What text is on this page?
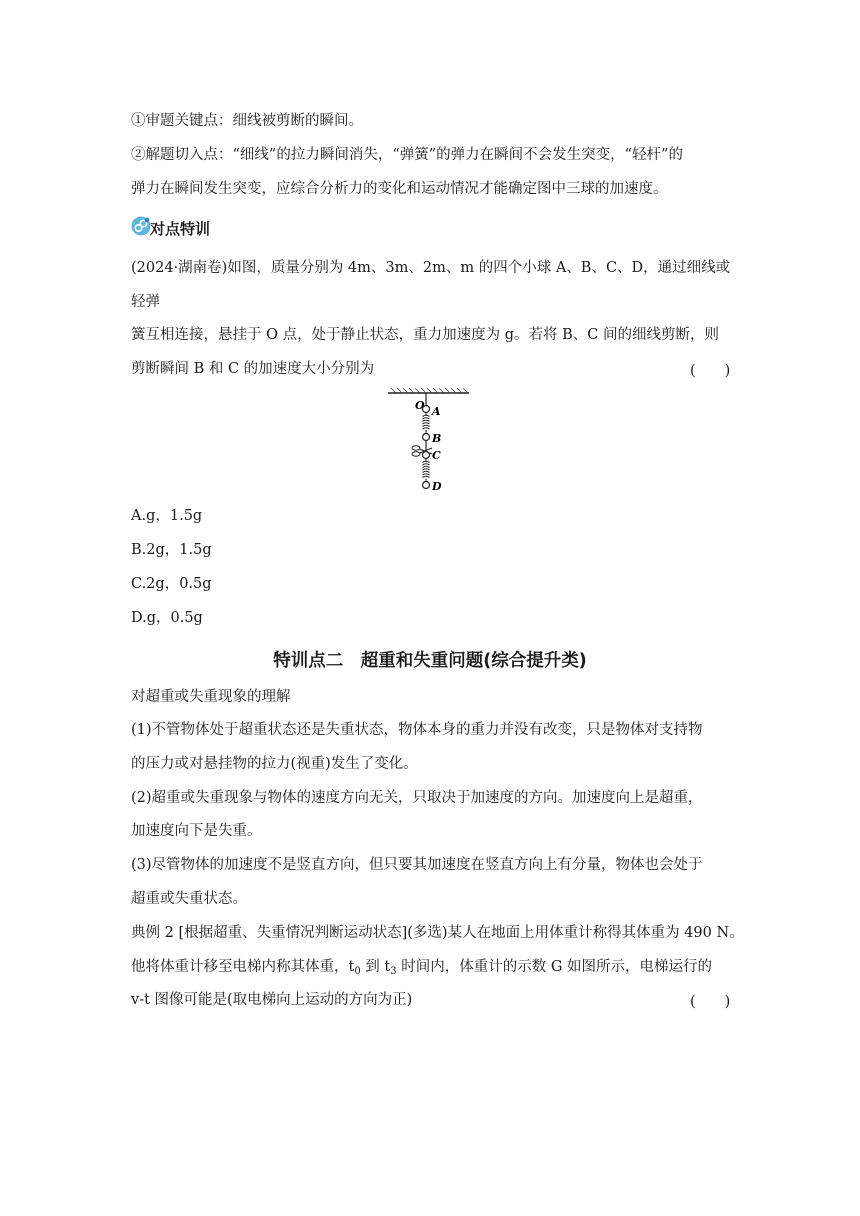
①审题关键点：细线被剪断的瞬间。
②解题切入点：“细线”的拉力瞬间消失，“弹簧”的弹力在瞬间不会发生突变，“轻杆”的
弹力在瞬间发生突变，应综合分析力的变化和运动情况才能确定图中三球的加速度。
对点特训
(2024·湖南卷)如图，质量分别为 4m、3m、2m、m 的四个小球 A、B、C、D，通过细线或
轻弹
簧互相连接，悬挂于 O 点，处于静止状态，重力加速度为 g。若将 B、C 间的细线剪断，则
剪断瞬间 B 和 C 的加速度大小分别为	(　　)
O A
B
C
D
A.g，1.5g
B.2g，1.5g
C.2g，0.5g
D.g，0.5g
特训点二　超重和失重问题(综合提升类)
对超重或失重现象的理解
(1)不管物体处于超重状态还是失重状态，物体本身的重力并没有改变，只是物体对支持物
的压力或对悬挂物的拉力(视重)发生了变化。
(2)超重或失重现象与物体的速度方向无关，只取决于加速度的方向。加速度向上是超重，
加速度向下是失重。
(3)尽管物体的加速度不是竖直方向，但只要其加速度在竖直方向上有分量，物体也会处于
超重或失重状态。
典例 2 [根据超重、失重情况判断运动状态](多选)某人在地面上用体重计称得其体重为 490 N。
他将体重计移至电梯内称其体重，$t_0$ 到 $t_3$ 时间内，体重计的示数 G 如图所示，电梯运行的
v-t 图像可能是(取电梯向上运动的方向为正)	(　　)
